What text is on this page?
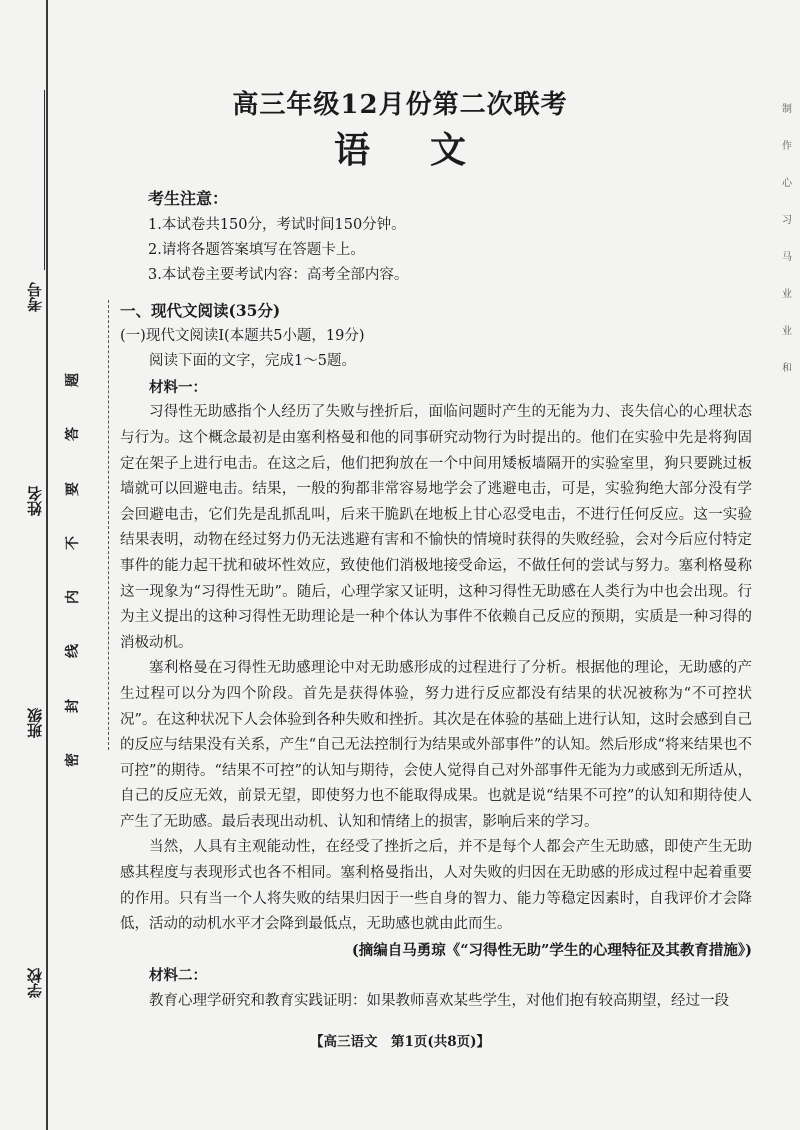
考号
姓名
班级
学校
题
答
要
不
内
线
封
密
制
作
心
习
马
业
业
和
高三年级12月份第二次联考
语文
考生注意：
1.本试卷共150分，考试时间150分钟。
2.请将各题答案填写在答题卡上。
3.本试卷主要考试内容：高考全部内容。
一、现代文阅读(35分)
(一)现代文阅读Ⅰ(本题共5小题，19分)
阅读下面的文字，完成1～5题。
材料一：

习得性无助感指个人经历了失败与挫折后，面临问题时产生的无能为力、丧失信心的心理状态与行为。这个概念最初是由塞利格曼和他的同事研究动物行为时提出的。他们在实验中先是将狗固定在架子上进行电击。在这之后，他们把狗放在一个中间用矮板墙隔开的实验室里，狗只要跳过板墙就可以回避电击。结果，一般的狗都非常容易地学会了逃避电击，可是，实验狗绝大部分没有学会回避电击，它们先是乱抓乱叫，后来干脆趴在地板上甘心忍受电击，不进行任何反应。这一实验结果表明，动物在经过努力仍无法逃避有害和不愉快的情境时获得的失败经验，会对今后应付特定事件的能力起干扰和破坏性效应，致使他们消极地接受命运，不做任何的尝试与努力。塞利格曼称这一现象为“习得性无助”。随后，心理学家又证明，这种习得性无助感在人类行为中也会出现。行为主义提出的这种习得性无助理论是一种个体认为事件不依赖自己反应的预期，实质是一种习得的消极动机。

塞利格曼在习得性无助感理论中对无助感形成的过程进行了分析。根据他的理论，无助感的产生过程可以分为四个阶段。首先是获得体验，努力进行反应都没有结果的状况被称为“不可控状况”。在这种状况下人会体验到各种失败和挫折。其次是在体验的基础上进行认知，这时会感到自己的反应与结果没有关系，产生“自己无法控制行为结果或外部事件”的认知。然后形成“将来结果也不可控”的期待。“结果不可控”的认知与期待，会使人觉得自己对外部事件无能为力或感到无所适从，自己的反应无效，前景无望，即使努力也不能取得成果。也就是说“结果不可控”的认知和期待使人产生了无助感。最后表现出动机、认知和情绪上的损害，影响后来的学习。

当然，人具有主观能动性，在经受了挫折之后，并不是每个人都会产生无助感，即使产生无助感其程度与表现形式也各不相同。塞利格曼指出，人对失败的归因在无助感的形成过程中起着重要的作用。只有当一个人将失败的结果归因于一些自身的智力、能力等稳定因素时，自我评价才会降低，活动的动机水平才会降到最低点，无助感也就由此而生。

(摘编自马勇琼《“习得性无助”学生的心理特征及其教育措施》)

材料二：

教育心理学研究和教育实践证明：如果教师喜欢某些学生，对他们抱有较高期望，经过一段

【高三语文　第1页(共8页)】
